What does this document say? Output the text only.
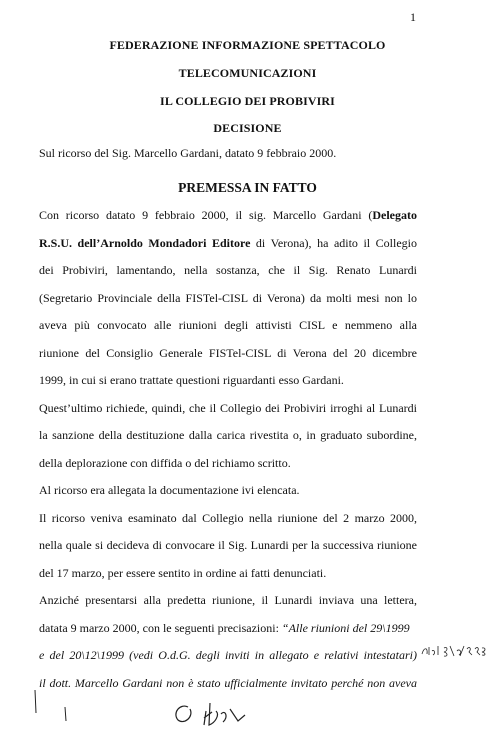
1
FEDERAZIONE INFORMAZIONE SPETTACOLO
TELECOMUNICAZIONI
IL COLLEGIO DEI PROBIVIRI
DECISIONE
Sul ricorso del Sig. Marcello Gardani, datato 9 febbraio 2000.
PREMESSA IN FATTO
Con ricorso datato 9 febbraio 2000, il sig. Marcello Gardani (Delegato
R.S.U. dell’Arnoldo Mondadori Editore di Verona), ha adito il Collegio
dei Probiviri, lamentando, nella sostanza, che il Sig. Renato Lunardi
(Segretario Provinciale della FISTel-CISL di Verona) da molti mesi non lo
aveva più convocato alle riunioni degli attivisti CISL e nemmeno alla
riunione del Consiglio Generale FISTel-CISL di Verona del 20 dicembre
1999, in cui si erano trattate questioni riguardanti esso Gardani.
Quest’ultimo richiede, quindi, che il Collegio dei Probiviri irroghi al Lunardi
la sanzione della destituzione dalla carica rivestita o, in graduato subordine,
della deplorazione con diffida o del richiamo scritto.
Al ricorso era allegata la documentazione ivi elencata.
Il ricorso veniva esaminato dal Collegio nella riunione del 2 marzo 2000,
nella quale si decideva di convocare il Sig. Lunardi per la successiva riunione
del 17 marzo, per essere sentito in ordine ai fatti denunciati.
Anziché presentarsi alla predetta riunione, il Lunardi inviava una lettera,
datata 9 marzo 2000, con le seguenti precisazioni: “Alle riunioni del 29\1999
e del 20\12\1999 (vedi O.d.G. degli inviti in allegato e relativi intestatari)
il dott. Marcello Gardani non è stato ufficialmente invitato perché non aveva
